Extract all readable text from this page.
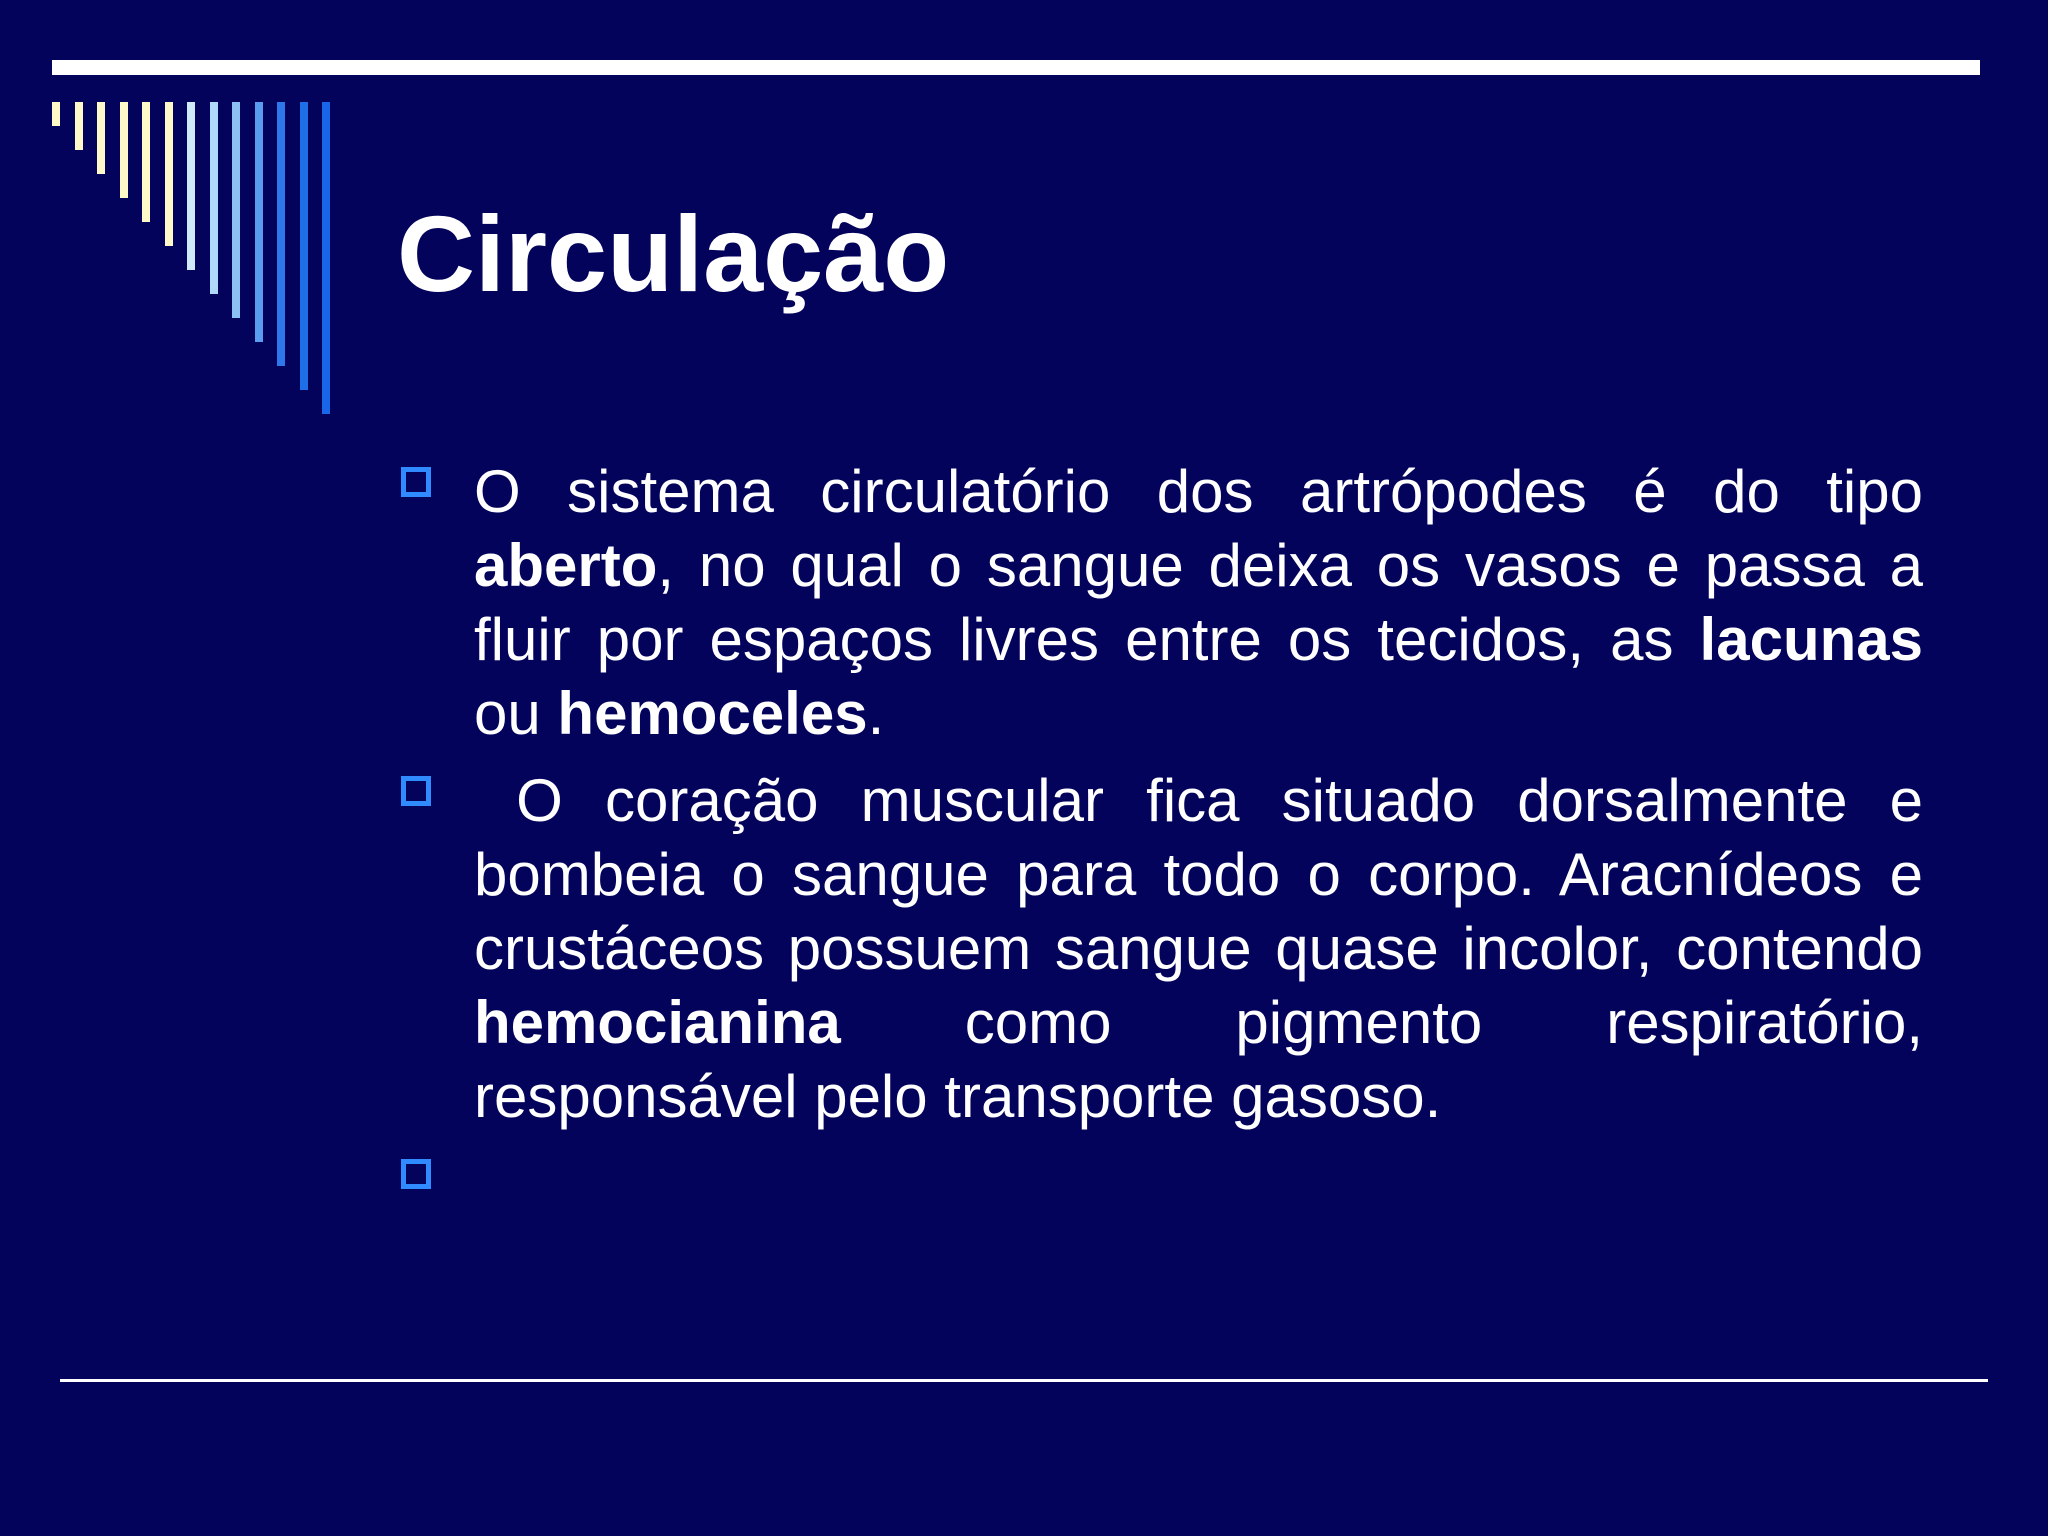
Circulação
O sistema circulatório dos artrópodes é do tipo aberto, no qual o sangue deixa os vasos e passa a fluir por espaços livres entre os tecidos, as lacunas ou hemoceles.
O coração muscular fica situado dorsalmente e bombeia o sangue para todo o corpo. Aracnídeos e crustáceos possuem sangue quase incolor, contendo hemocianina como pigmento respiratório, responsável pelo transporte gasoso.
